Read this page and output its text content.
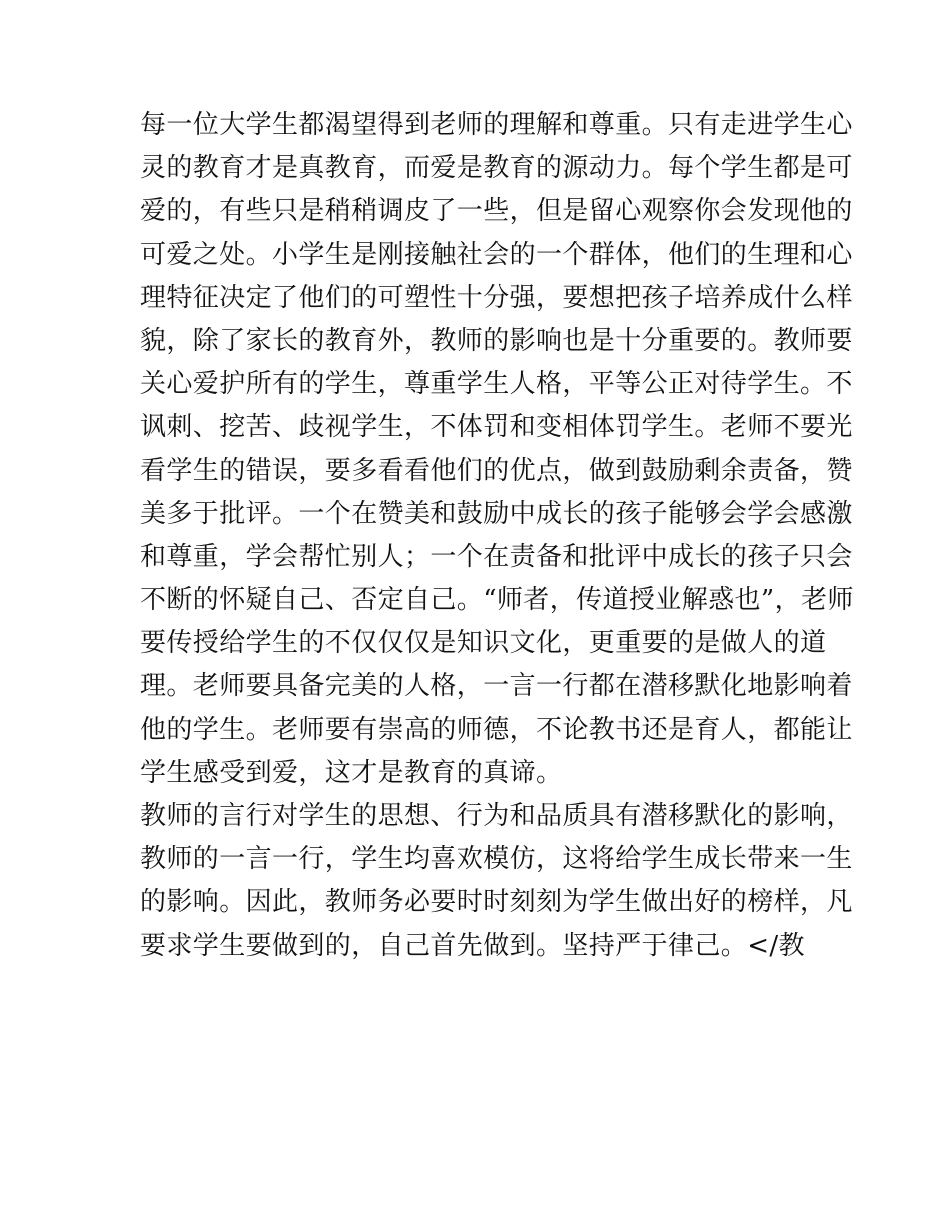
每一位大学生都渴望得到老师的理解和尊重。只有走进学生心
灵的教育才是真教育，而爱是教育的源动力。每个学生都是可
爱的，有些只是稍稍调皮了一些，但是留心观察你会发现他的
可爱之处。小学生是刚接触社会的一个群体，他们的生理和心
理特征决定了他们的可塑性十分强，要想把孩子培养成什么样
貌，除了家长的教育外，教师的影响也是十分重要的。教师要
关心爱护所有的学生，尊重学生人格，平等公正对待学生。不
讽刺、挖苦、歧视学生，不体罚和变相体罚学生。老师不要光
看学生的错误，要多看看他们的优点，做到鼓励剩余责备，赞
美多于批评。一个在赞美和鼓励中成长的孩子能够会学会感激
和尊重，学会帮忙别人；一个在责备和批评中成长的孩子只会
不断的怀疑自己、否定自己。“师者，传道授业解惑也”，老师
要传授给学生的不仅仅仅是知识文化，更重要的是做人的道
理。老师要具备完美的人格，一言一行都在潜移默化地影响着
他的学生。老师要有崇高的师德，不论教书还是育人，都能让
学生感受到爱，这才是教育的真谛。
教师的言行对学生的思想、行为和品质具有潜移默化的影响，
教师的一言一行，学生均喜欢模仿，这将给学生成长带来一生
的影响。因此，教师务必要时时刻刻为学生做出好的榜样，凡
要求学生要做到的，自己首先做到。坚持严于律己。</教
